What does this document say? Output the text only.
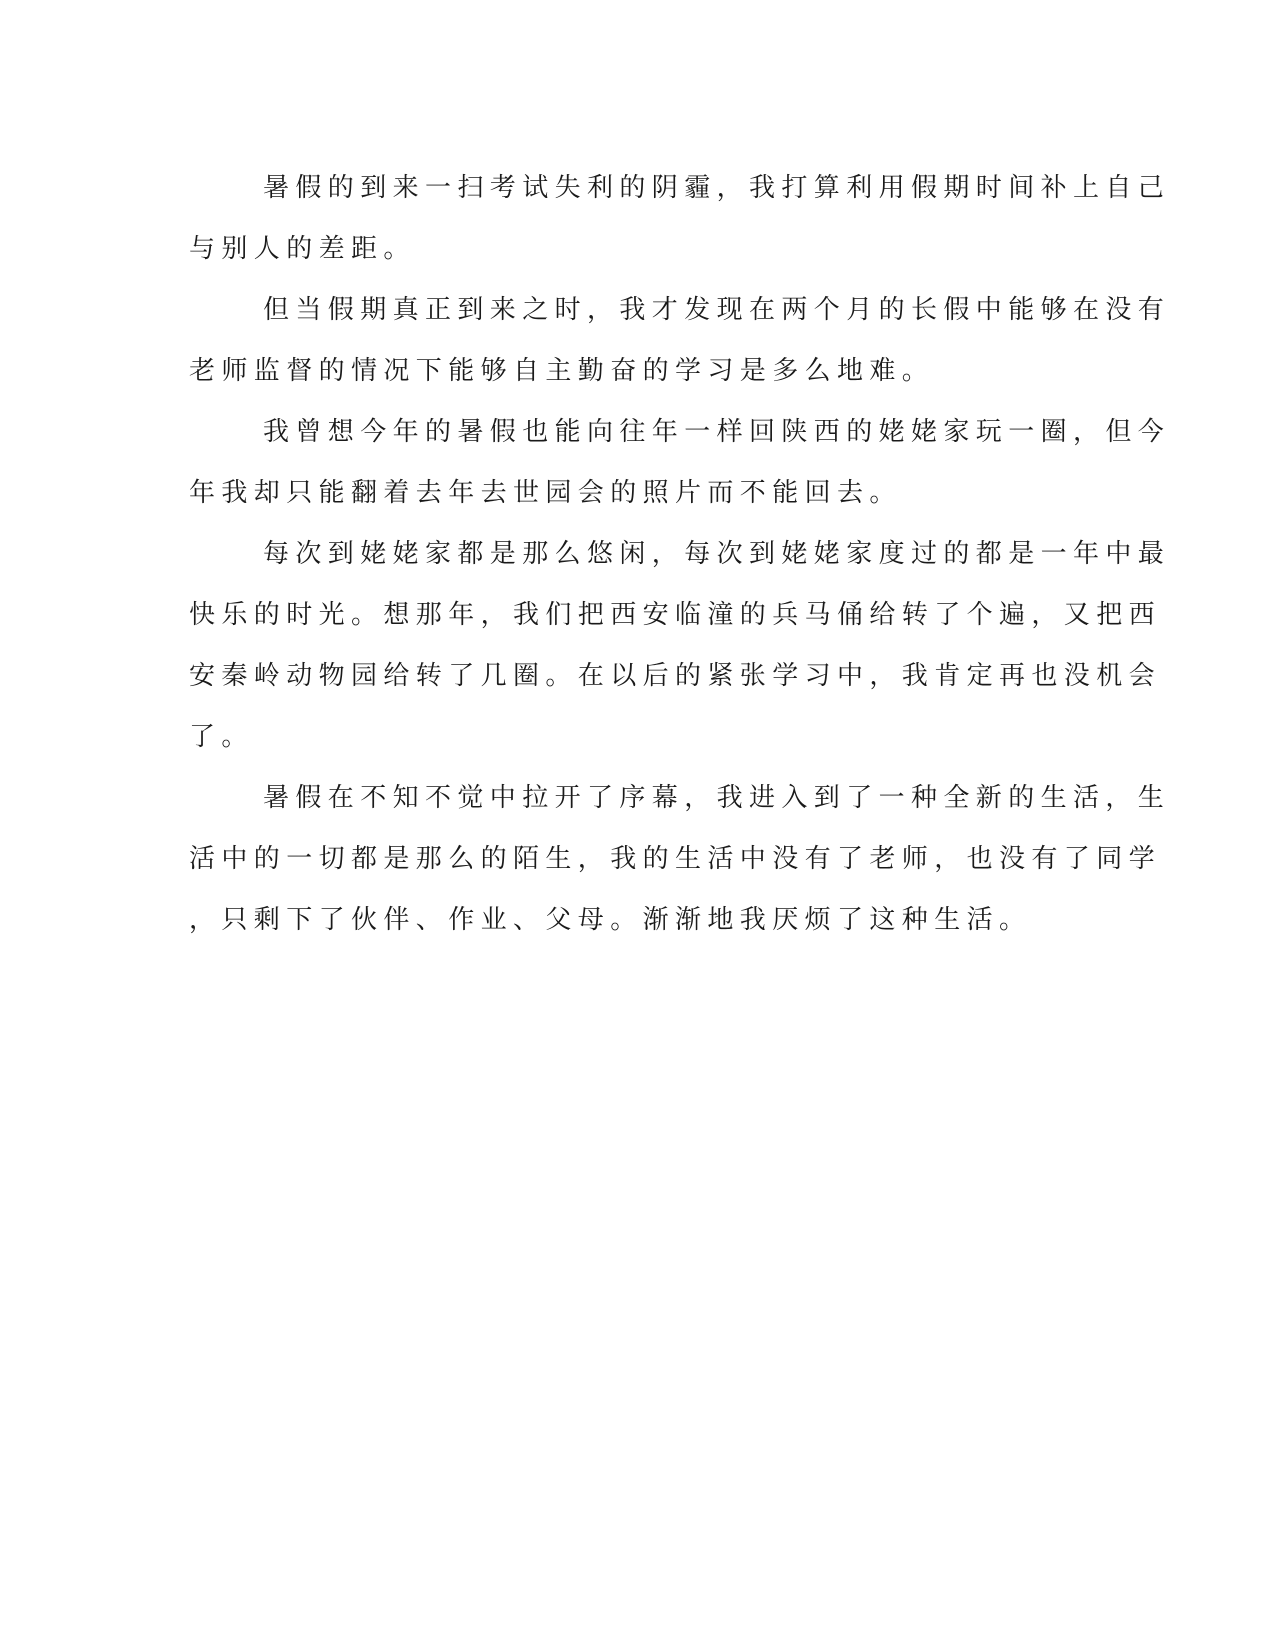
暑假的到来一扫考试失利的阴霾，我打算利用假期时间补上自己
与别人的差距。

但当假期真正到来之时，我才发现在两个月的长假中能够在没有
老师监督的情况下能够自主勤奋的学习是多么地难。

我曾想今年的暑假也能向往年一样回陕西的姥姥家玩一圈，但今
年我却只能翻着去年去世园会的照片而不能回去。

每次到姥姥家都是那么悠闲，每次到姥姥家度过的都是一年中最
快乐的时光。想那年，我们把西安临潼的兵马俑给转了个遍，又把西
安秦岭动物园给转了几圈。在以后的紧张学习中，我肯定再也没机会
了。

暑假在不知不觉中拉开了序幕，我进入到了一种全新的生活，生
活中的一切都是那么的陌生，我的生活中没有了老师，也没有了同学
，只剩下了伙伴、作业、父母。渐渐地我厌烦了这种生活。
